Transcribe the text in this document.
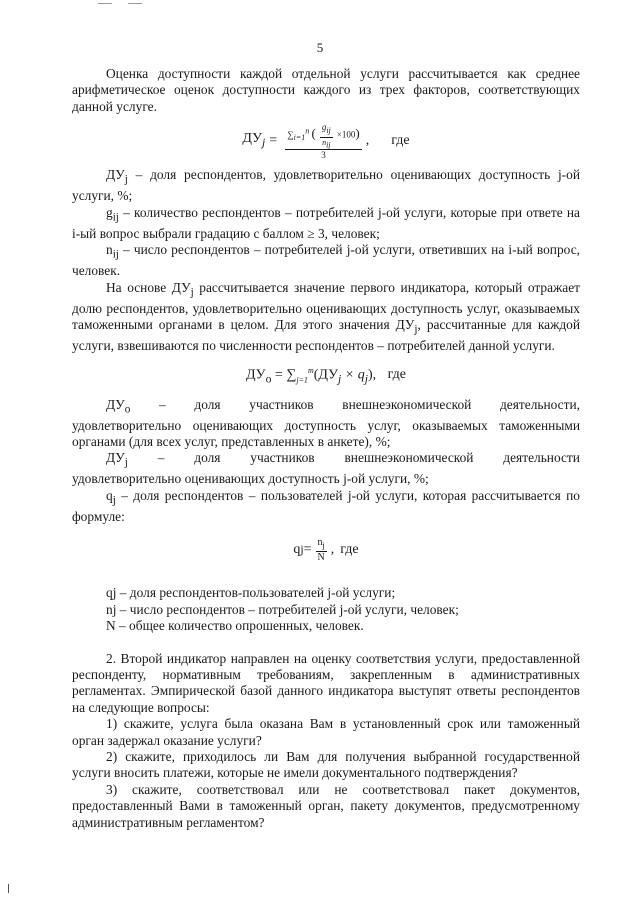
5

Оценка доступности каждой отдельной услуги рассчитывается как среднее арифметическое оценок доступности каждого из трех факторов, соответствующих данной услуге.

$ДУ_j = \sum_{i=1}^n$ ( $g_{ij}$
$n_{ij}$
×100)
3 , где

$ДУ_j$ – доля респондентов, удовлетворительно оценивающих доступность j-ой услуги, %;

$g_{ij}$ – количество респондентов – потребителей j-ой услуги, которые при ответе на i-ый вопрос выбрали градацию с баллом ≥ 3, человек;

$n_{ij}$ – число респондентов – потребителей j-ой услуги, ответивших на i-ый вопрос, человек.

На основе $ДУ_j$ рассчитывается значение первого индикатора, который отражает долю респондентов, удовлетворительно оценивающих доступность услуг, оказываемых таможенными органами в целом. Для этого значения $ДУ_j$, рассчитанные для каждой услуги, взвешиваются по численности респондентов – потребителей данной услуги.

$ДУ_o = \sum_{j=1}^m(ДУ_j \times q_j)$, где
$ДУ_о$ – доля участников внешнеэкономической деятельности,

удовлетворительно оценивающих доступность услуг, оказываемых таможенными органами (для всех услуг, представленных в анкете), %;

$ДУ_j$ – доля участников внешнеэкономической деятельности

удовлетворительно оценивающих доступность j-ой услуги, %;

$q_j$ – доля респондентов – пользователей j-ой услуги, которая рассчитывается по формуле:

q $j = \frac{n_j}{N}$ , где

qj – доля респондентов-пользователей j-ой услуги;

nj – число респондентов – потребителей j-ой услуги, человек;

N – общее количество опрошенных, человек.

2. Второй индикатор направлен на оценку соответствия услуги, предоставленной респонденту, нормативным требованиям, закрепленным в административных регламентах. Эмпирической базой данного индикатора выступят ответы респондентов на следующие вопросы:

1) скажите, услуга была оказана Вам в установленный срок или таможенный орган задержал оказание услуги?

2) скажите, приходилось ли Вам для получения выбранной государственной услуги вносить платежи, которые не имели документального подтверждения?

3) скажите, соответствовал или не соответствовал пакет документов, предоставленный Вами в таможенный орган, пакету документов, предусмотренному административным регламентом?
